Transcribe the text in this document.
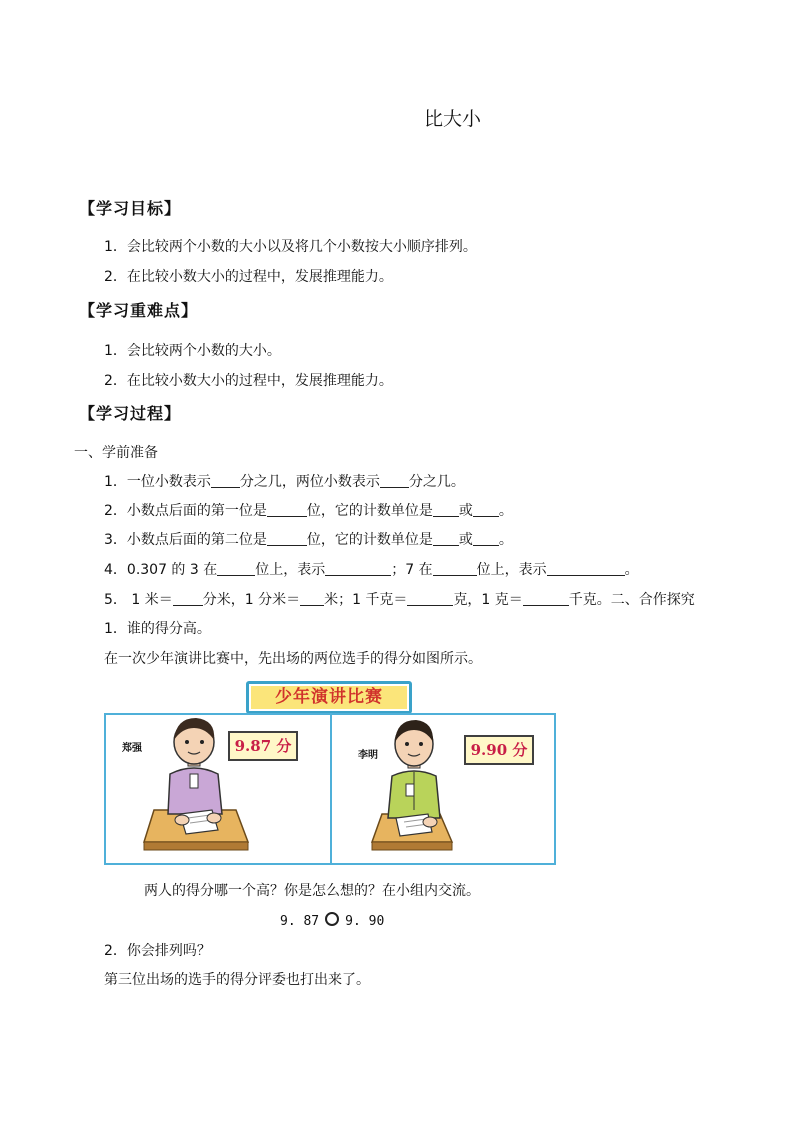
比大小
【学习目标】
1．会比较两个小数的大小以及将几个小数按大小顺序排列。
2．在比较小数大小的过程中，发展推理能力。
【学习重难点】
1．会比较两个小数的大小。
2．在比较小数大小的过程中，发展推理能力。
【学习过程】
一、学前准备
1．一位小数表示 分之几，两位小数表示 分之几。
2．小数点后面的第一位是	位，它的计数单位是 或 。
3．小数点后面的第二位是	位，它的计数单位是 或 。
4．0.307 的 3 在	位上，表示	；7 在	位上，表示	。
5． 1 米＝ 分米，1 分米＝ 米；1 千克＝	克，1 克＝	千克。二、合作探究
1．谁的得分高。
在一次少年演讲比赛中，先出场的两位选手的得分如图所示。
少年演讲比赛
郑强	9.87 分
李明	9.90 分
两人的得分哪一个高？你是怎么想的？在小组内交流。
9. 87 9. 90
2．你会排列吗？
第三位出场的选手的得分评委也打出来了。
